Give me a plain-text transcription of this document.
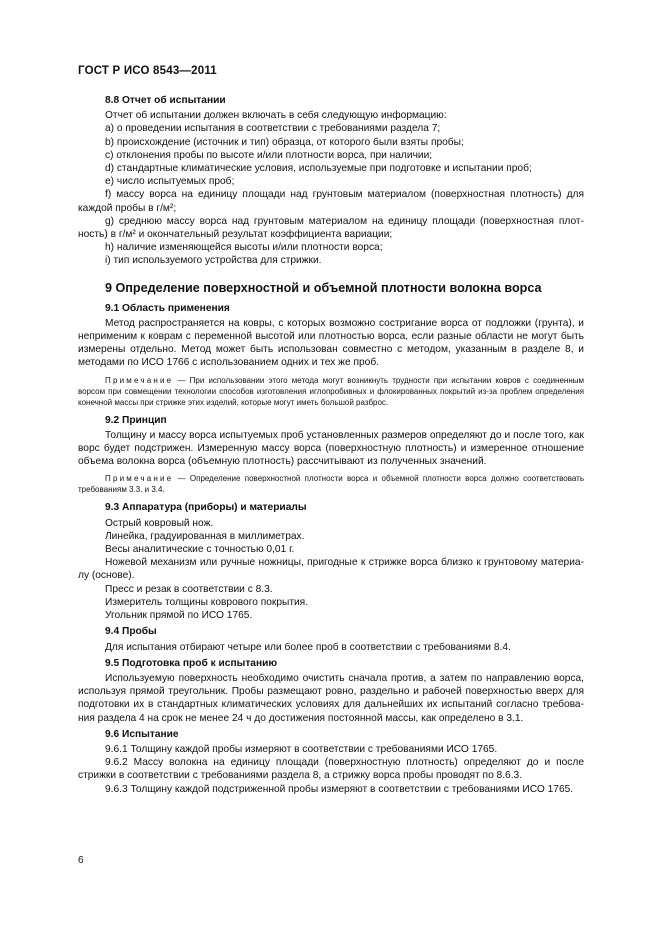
ГОСТ Р ИСО 8543—2011

8.8 Отчет об испытании

Отчет об испытании должен включать в себя следующую информацию:

a) о проведении испытания в соответствии с требованиями раздела 7;

b) происхождение (источник и тип) образца, от которого были взяты пробы;

c) отклонения пробы по высоте и/или плотности ворса, при наличии;

d) стандартные климатические условия, используемые при подготовке и испытании проб;

e) число испытуемых проб;

f) массу ворса на единицу площади над грунтовым материалом (поверхностная плотность) для каждой пробы в г/м²;

g) среднюю массу ворса над грунтовым материалом на единицу площади (поверхностная плотность) в г/м² и окончательный результат коэффициента вариации;

h) наличие изменяющейся высоты и/или плотности ворса;

i) тип используемого устройства для стрижки.

9 Определение поверхностной и объемной плотности волокна ворса

9.1 Область применения

Метод распространяется на ковры, с которых возможно состригание ворса от подложки (грунта), и неприменим к коврам с переменной высотой или плотностью ворса, если разные области не могут быть измерены отдельно. Метод может быть использован совместно с методом, указанным в разделе 8, и методами по ИСО 1766 с использованием одних и тех же проб.

Примечание — При использовании этого метода могут возникнуть трудности при испытании ковров с соединенным ворсом при совмещении технологии способов изготовления иглопробивных и флокированных покрытий из-за проблем определения конечной массы при стрижке этих изделий, которые могут иметь большой разброс.

9.2 Принцип

Толщину и массу ворса испытуемых проб установленных размеров определяют до и после того, как ворс будет подстрижен. Измеренную массу ворса (поверхностную плотность) и измеренное отношение объема волокна ворса (объемную плотность) рассчитывают из полученных значений.

Примечание — Определение поверхностной плотности ворса и объемной плотности ворса должно соответствовать требованиям 3.3. и 3.4.

9.3 Аппаратура (приборы) и материалы

Острый ковровый нож.

Линейка, градуированная в миллиметрах.

Весы аналитические с точностью 0,01 г.

Ножевой механизм или ручные ножницы, пригодные к стрижке ворса близко к грунтовому материалу (основе).

Пресс и резак в соответствии с 8.3.

Измеритель толщины коврового покрытия.

Угольник прямой по ИСО 1765.

9.4 Пробы

Для испытания отбирают четыре или более проб в соответствии с требованиями 8.4.

9.5 Подготовка проб к испытанию

Используемую поверхность необходимо очистить сначала против, а затем по направлению ворса, используя прямой треугольник. Пробы размещают ровно, раздельно и рабочей поверхностью вверх для подготовки их в стандартных климатических условиях для дальнейших их испытаний согласно требования раздела 4 на срок не менее 24 ч до достижения постоянной массы, как определено в 3.1.

9.6 Испытание

9.6.1 Толщину каждой пробы измеряют в соответствии с требованиями ИСО 1765.

9.6.2 Массу волокна на единицу площади (поверхностную плотность) определяют до и после стрижки в соответствии с требованиями раздела 8, а стрижку ворса пробы проводят по 8.6.3.

9.6.3 Толщину каждой подстриженной пробы измеряют в соответствии с требованиями ИСО 1765.

6
